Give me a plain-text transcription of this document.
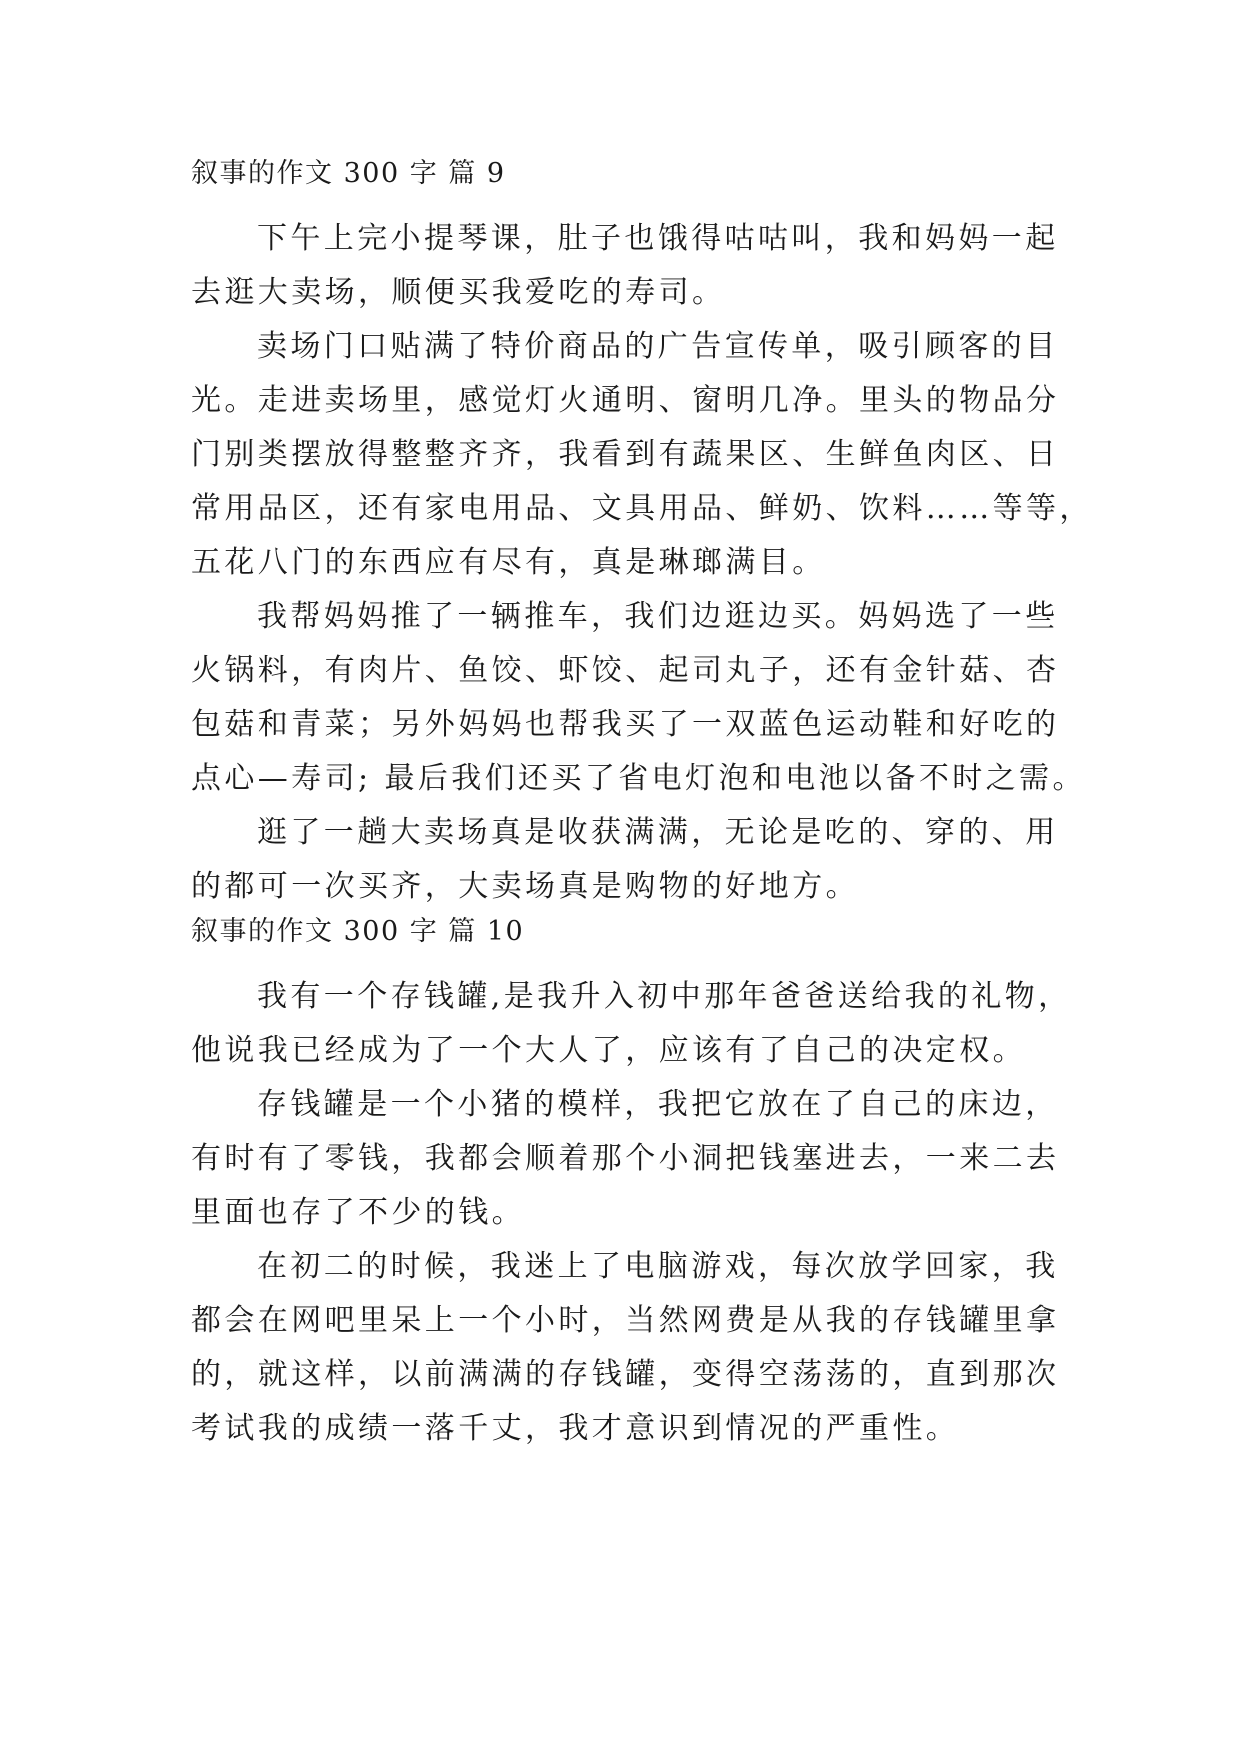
叙事的作文 300 字 篇 9
下午上完小提琴课，肚子也饿得咕咕叫，我和妈妈一起
去逛大卖场，顺便买我爱吃的寿司。
卖场门口贴满了特价商品的广告宣传单，吸引顾客的目
光。走进卖场里，感觉灯火通明、窗明几净。里头的物品分
门别类摆放得整整齐齐，我看到有蔬果区、生鲜鱼肉区、日
常用品区，还有家电用品、文具用品、鲜奶、饮料……等等，
五花八门的东西应有尽有，真是琳瑯满目。
我帮妈妈推了一辆推车，我们边逛边买。妈妈选了一些
火锅料，有肉片、鱼饺、虾饺、起司丸子，还有金针菇、杏
包菇和青菜；另外妈妈也帮我买了一双蓝色运动鞋和好吃的
点心—寿司; 最后我们还买了省电灯泡和电池以备不时之需。
逛了一趟大卖场真是收获满满，无论是吃的、穿的、用
的都可一次买齐，大卖场真是购物的好地方。
叙事的作文 300 字 篇 10
我有一个存钱罐,是我升入初中那年爸爸送给我的礼物，
他说我已经成为了一个大人了，应该有了自己的决定权。
存钱罐是一个小猪的模样，我把它放在了自己的床边，
有时有了零钱，我都会顺着那个小洞把钱塞进去，一来二去
里面也存了不少的钱。
在初二的时候，我迷上了电脑游戏，每次放学回家，我
都会在网吧里呆上一个小时，当然网费是从我的存钱罐里拿
的，就这样，以前满满的存钱罐，变得空荡荡的，直到那次
考试我的成绩一落千丈，我才意识到情况的严重性。
